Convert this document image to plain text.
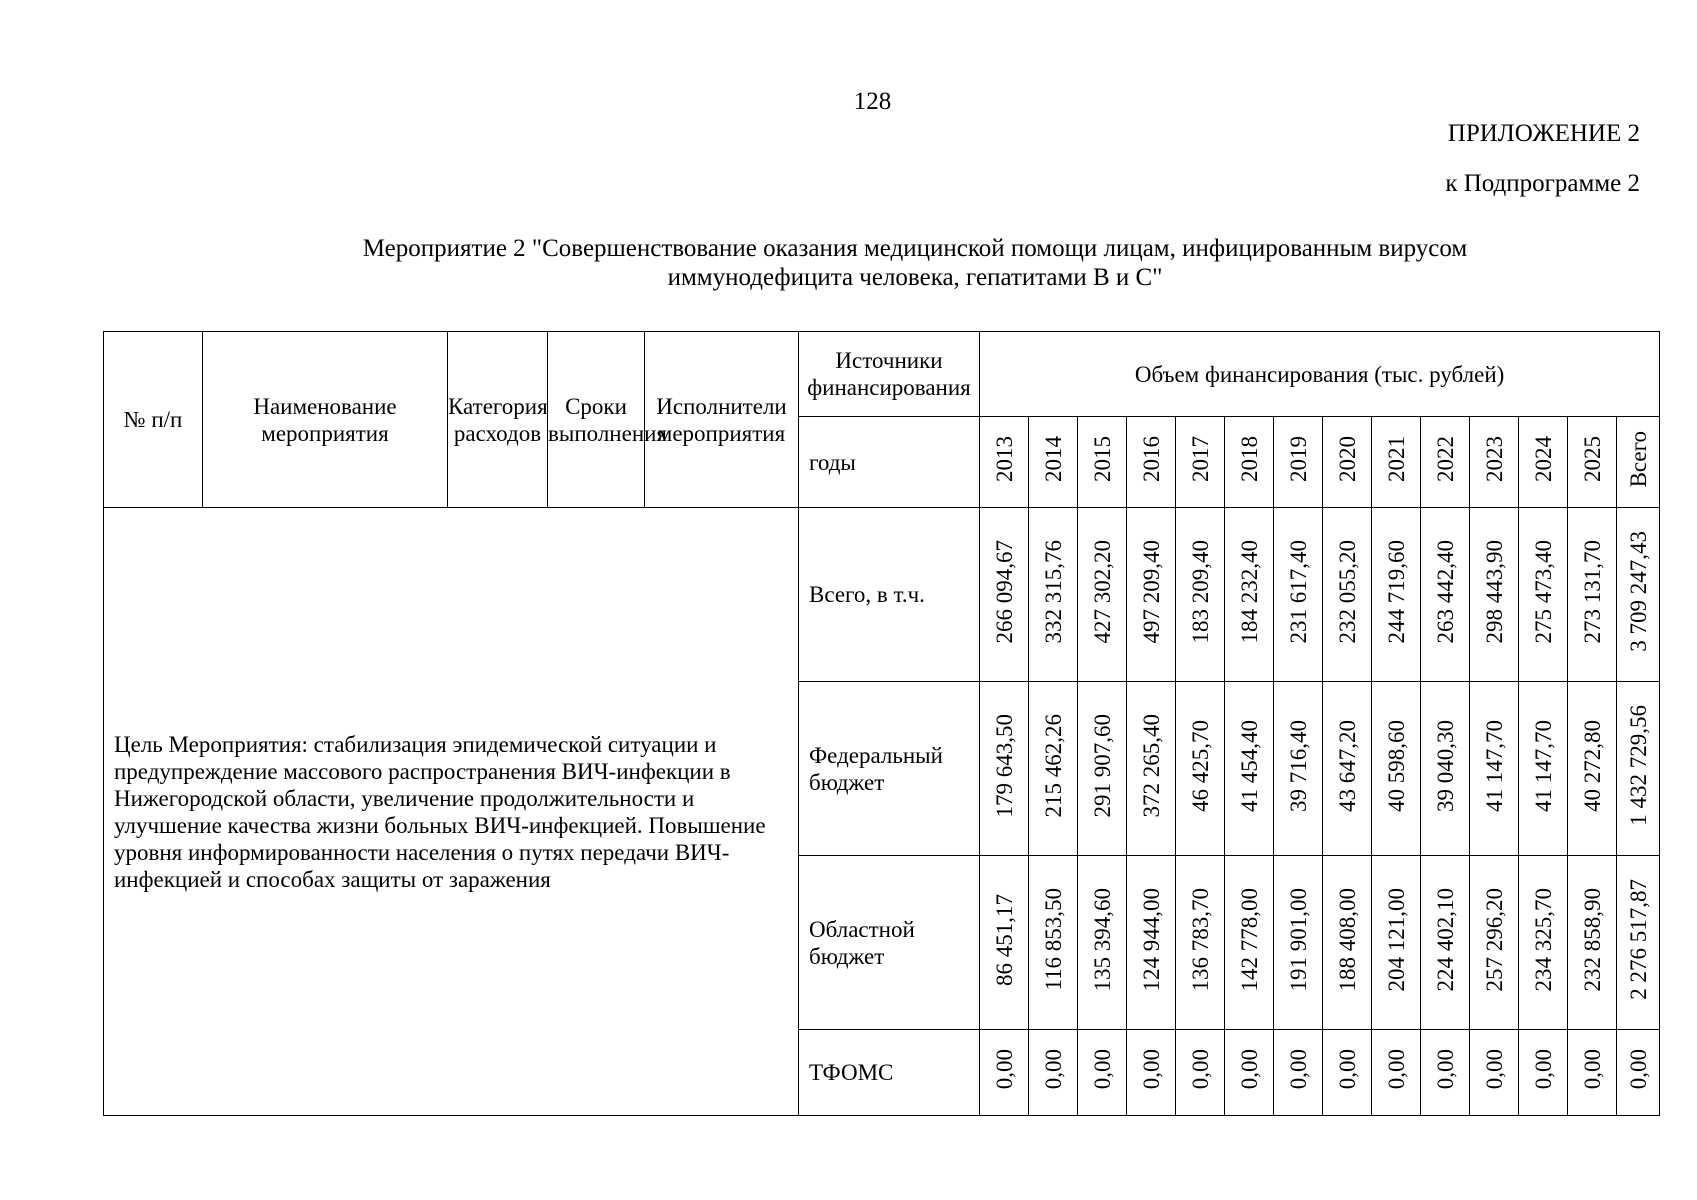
128
ПРИЛОЖЕНИЕ 2
к Подпрограмме 2
Мероприятие 2 "Совершенствование оказания медицинской помощи лицам, инфицированным вирусом
иммунодефицита человека, гепатитами В и С"
№ п/п	Наименование мероприятия	Категория расходов	Сроки выполнения	Исполнители мероприятия	Источники финансирования	Объем финансирования (тыс. рублей)													
					годы	2013	2014	2015	2016	2017	2018	2019	2020	2021	2022	2023	2024	2025	Всего
Цель Мероприятия: стабилизация эпидемической ситуации и предупреждение массового распространения ВИЧ-инфекции в Нижегородской области, увеличение продолжительности и улучшение качества жизни больных ВИЧ-инфекцией. Повышение уровня информированности населения о путях передачи ВИЧ-инфекцией и способах защиты от заражения					Всего, в т.ч.	266 094,67	332 315,76	427 302,20	497 209,40	183 209,40	184 232,40	231 617,40	232 055,20	244 719,60	263 442,40	298 443,90	275 473,40	273 131,70	3 709 247,43
					Федеральный бюджет	179 643,50	215 462,26	291 907,60	372 265,40	46 425,70	41 454,40	39 716,40	43 647,20	40 598,60	39 040,30	41 147,70	41 147,70	40 272,80	1 432 729,56
					Областной бюджет	86 451,17	116 853,50	135 394,60	124 944,00	136 783,70	142 778,00	191 901,00	188 408,00	204 121,00	224 402,10	257 296,20	234 325,70	232 858,90	2 276 517,87
					ТФОМС	0,00	0,00	0,00	0,00	0,00	0,00	0,00	0,00	0,00	0,00	0,00	0,00	0,00	0,00
